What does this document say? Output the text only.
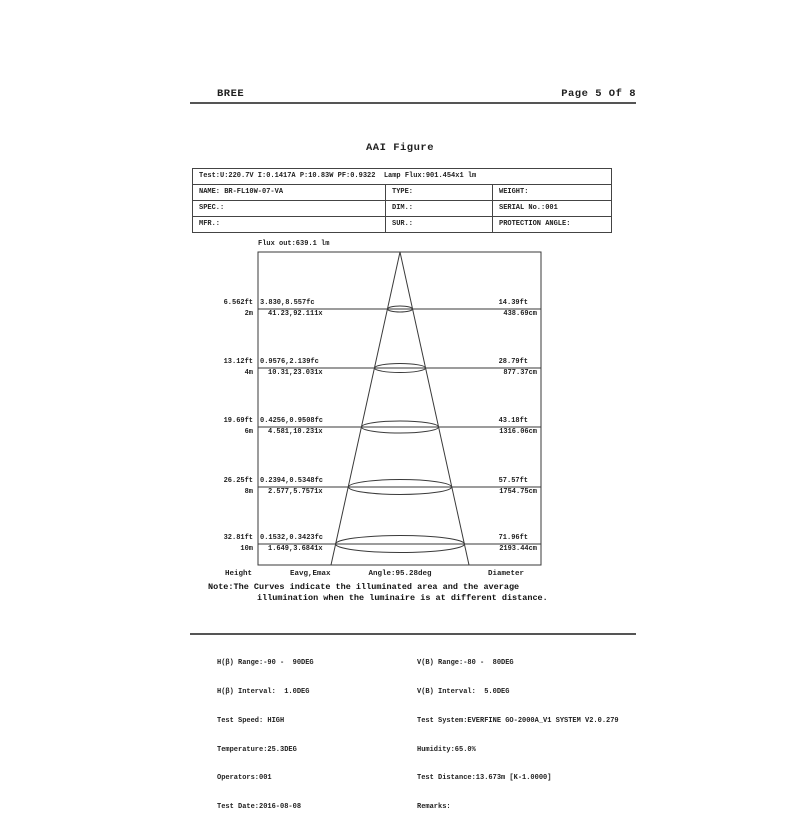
BREE	Page 5 Of 8
AAI Figure
Test:U:220.7V I:0.1417A P:10.83W PF:0.9322  Lamp Flux:901.454x1 lm
NAME: BR-FL10W-07-VA	TYPE:	WEIGHT:
SPEC.:	DIM.:	SERIAL No.:001
MFR.:	SUR.:	PROTECTION ANGLE:
Flux out:639.1 lm
6.562ft
2m
3.830,8.557fc
41.23,92.111x
14.39ft
438.69cm
13.12ft
4m
0.9576,2.139fc
10.31,23.031x
28.79ft
877.37cm
19.69ft
6m
0.4256,0.9508fc
4.581,10.231x
43.18ft
1316.06cm
26.25ft
8m
0.2394,0.5348fc
2.577,5.7571x
57.57ft
1754.75cm
32.81ft
10m
0.1532,0.3423fc
1.649,3.6841x
71.96ft
2193.44cm
Height	Eavg,Emax	Angle:95.28deg	Diameter
Note:The Curves indicate the illuminated area and the average
illumination when the luminaire is at different distance.

H(β) Range:-90 -  90DEG

H(β) Interval:  1.0DEG

Test Speed: HIGH

Temperature:25.3DEG

Operators:001

Test Date:2016-08-08

V(B) Range:-80 -  80DEG

V(B) Interval:  5.0DEG

Test System:EVERFINE GO-2000A_V1 SYSTEM V2.0.279

Humidity:65.0%

Test Distance:13.673m [K-1.0000]

Remarks:
